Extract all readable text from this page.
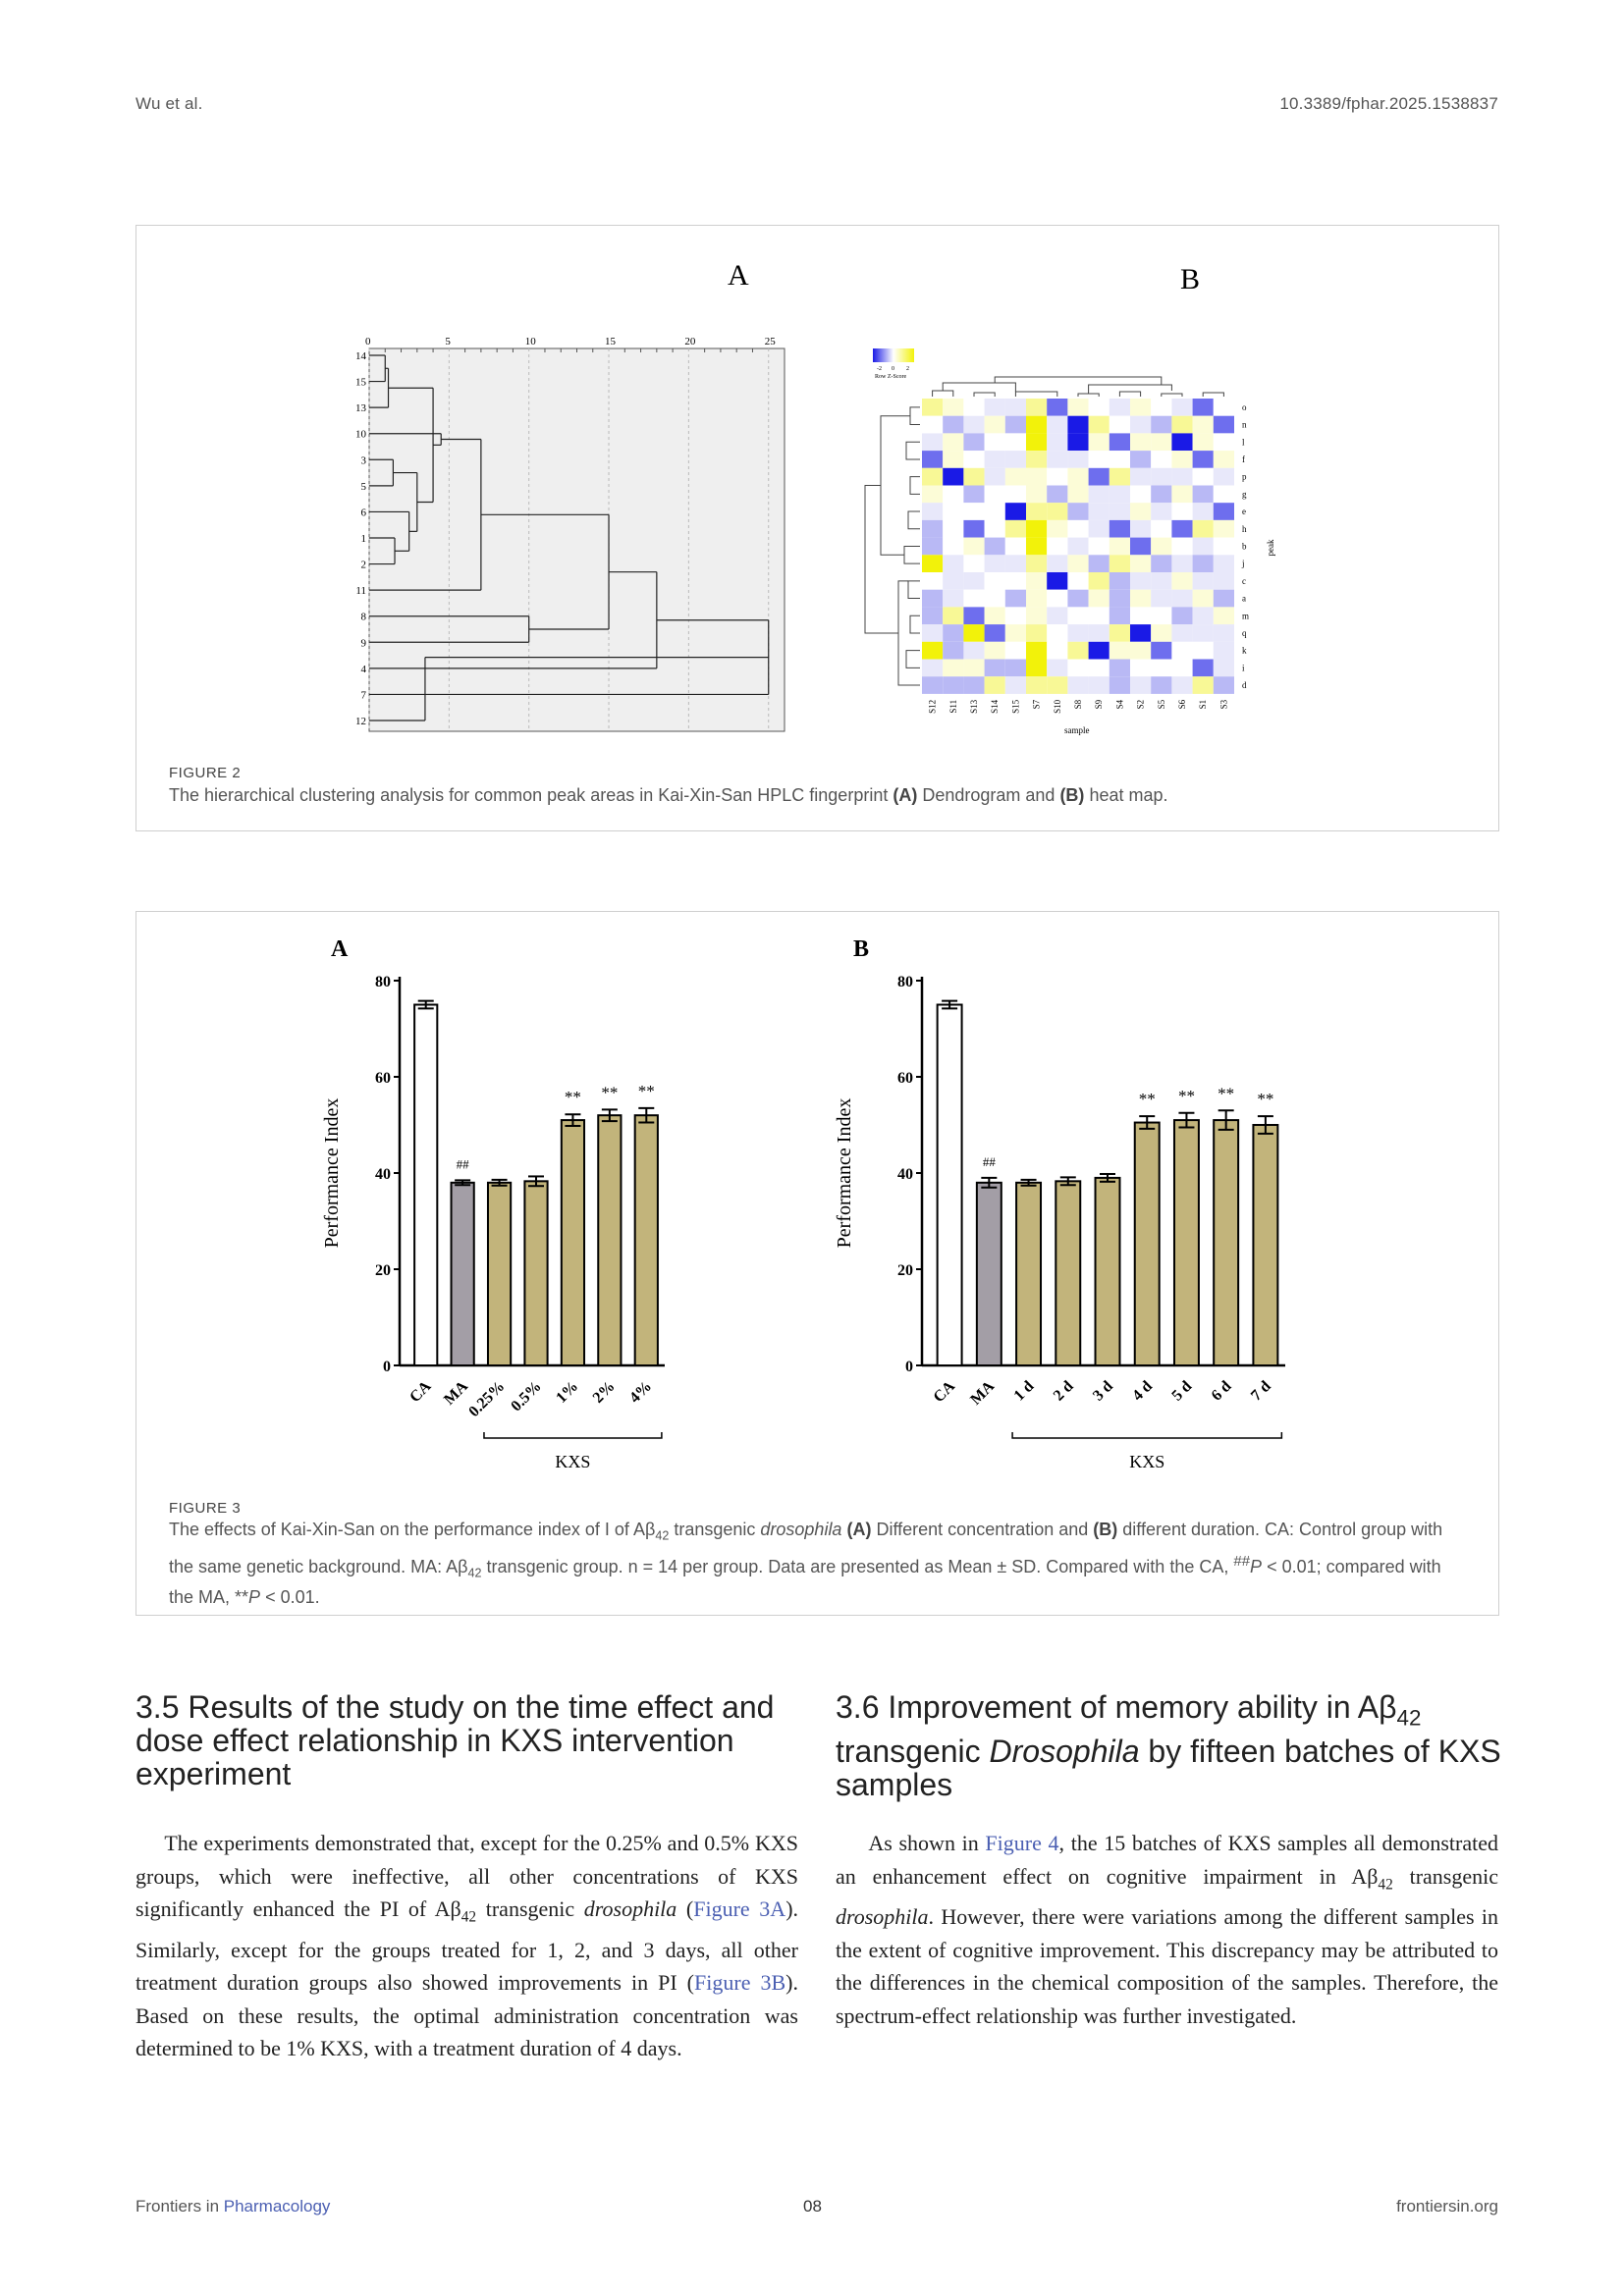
Wu et al.	10.3389/fphar.2025.1538837
A	B
0	5	10	15	20	25
14
15
13
10
3
5
6
1
2
11
8
9
4
7
12
-2 0 2
Row Z-Score
o
n
l
f
p
g
e
h
b
j
c
a
m
q
k
i
d
S12 S11 S13 S14 S15 S7 S10 S8 S9 S4 S2 S5 S6 S1 S3
sample
peak
FIGURE 2
The hierarchical clustering analysis for common peak areas in Kai-Xin-San HPLC fingerprint (A) Dendrogram and (B) heat map.
A
0
20
40
60
80
Performance Index
CA
##
MA
0.25% 0.5%
**
1%
**
2%
**
4%
KXS
B
0
20
40
60
80
Performance Index
CA
##
MA 1 d 2 d 3 d
**
4 d
**
5 d
**
6 d
**
7 d
KXS
FIGURE 3
The effects of Kai-Xin-San on the performance index of I of $A\beta_{42}$ transgenic drosophila (A) Different concentration and (B) different duration. CA: Control group with the same genetic background. MA: $A\beta_{42}$ transgenic group. n = 14 per group. Data are presented as Mean ± SD. Compared with the CA, ##P < 0.01; compared with the MA, **P < 0.01.
3.5 Results of the study on the time effect and dose effect relationship in KXS intervention experiment
The experiments demonstrated that, except for the 0.25% and 0.5% KXS groups, which were ineffective, all other concentrations of KXS significantly enhanced the PI of $A\beta_{42}$ transgenic drosophila (Figure 3A). Similarly, except for the groups treated for 1, 2, and 3 days, all other treatment duration groups also showed improvements in PI (Figure 3B). Based on these results, the optimal administration concentration was determined to be 1% KXS, with a treatment duration of 4 days.
3.6 Improvement of memory ability in $A\beta_{42}$ transgenic Drosophila by fifteen batches of KXS samples
As shown in Figure 4, the 15 batches of KXS samples all demonstrated an enhancement effect on cognitive impairment in $A\beta_{42}$ transgenic drosophila. However, there were variations among the different samples in the extent of cognitive improvement. This discrepancy may be attributed to the differences in the chemical composition of the samples. Therefore, the spectrum-effect relationship was further investigated.
Frontiers in Pharmacology	08	frontiersin.org
